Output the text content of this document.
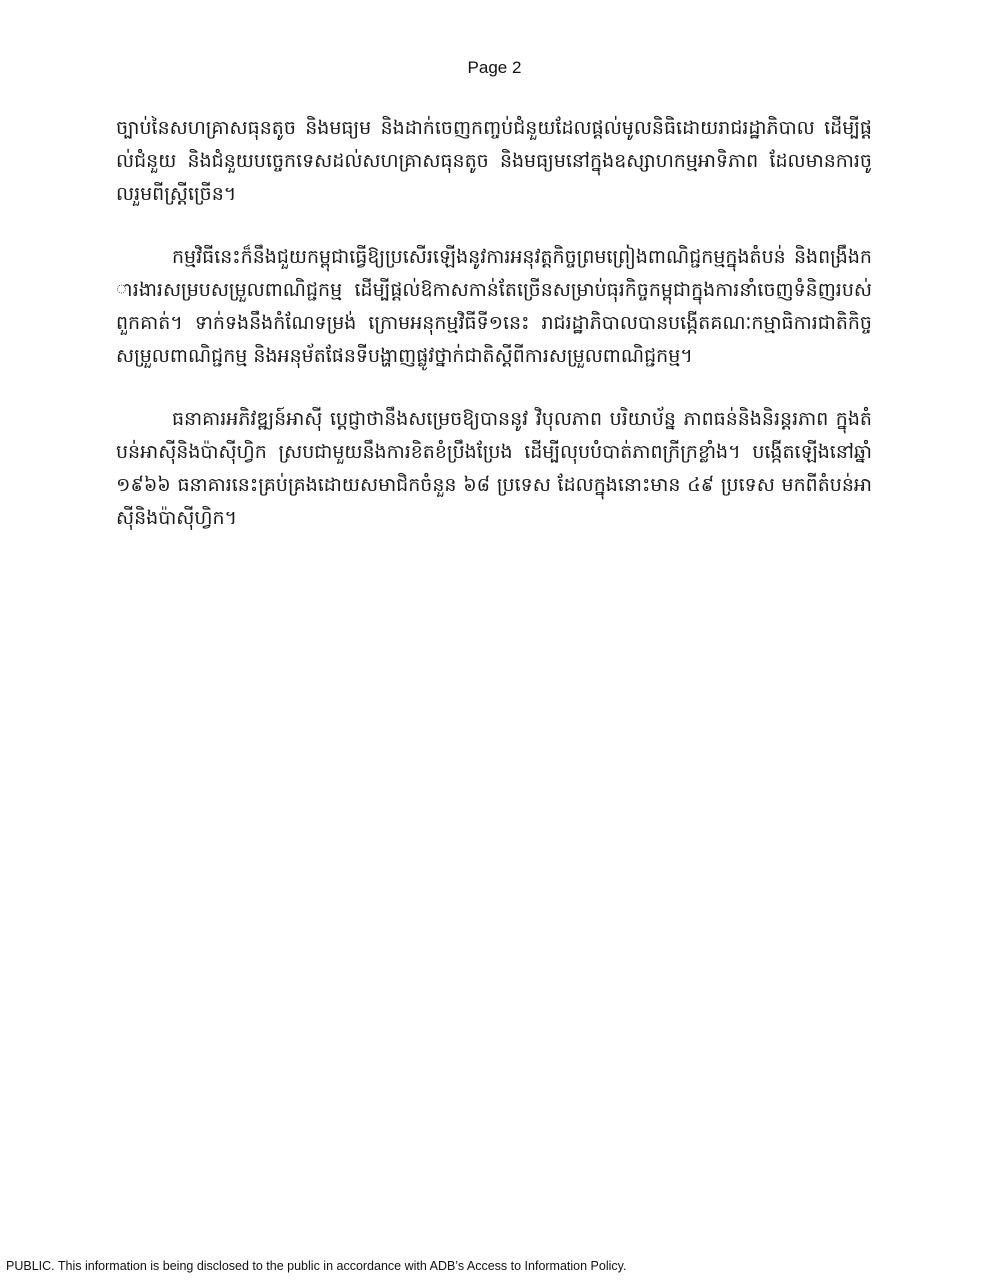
Page 2

ច្បាប់នៃសហគ្រាសធុនតូច និងមធ្យម និងដាក់ចេញកញ្ចប់ជំនួយដែលផ្ដល់មូលនិធិដោយរាជរដ្ឋាភិបាល ដើម្បីផ្ដល់ជំនួយ និងជំនួយបច្ចេកទេសដល់សហគ្រាសធុនតូច និងមធ្យមនៅក្នុងឧស្សាហកម្មអាទិភាព ដែលមានការចូលរួមពីស្ត្រីច្រើន។

កម្មវិធីនេះក៏នឹងជួយកម្ពុជាធ្វើឱ្យប្រសើរឡើងនូវការអនុវត្តកិច្ចព្រមព្រៀងពាណិជ្ជកម្មក្នុងតំបន់ និងពង្រឹងការងារសម្របសម្រួលពាណិជ្ជកម្ម ដើម្បីផ្ដល់ឱកាសកាន់តែច្រើនសម្រាប់ធុរកិច្ចកម្ពុជាក្នុងការនាំចេញទំនិញរបស់ពួកគាត់។ ទាក់ទងនឹងកំណែទម្រង់ ក្រោមអនុកម្មវិធីទី១នេះ រាជរដ្ឋាភិបាលបានបង្កើតគណៈកម្មាធិការជាតិកិច្ចសម្រួលពាណិជ្ជកម្ម និងអនុម័តផែនទីបង្ហាញផ្លូវថ្នាក់ជាតិស្ដីពីការសម្រួលពាណិជ្ជកម្ម។

ធនាគារអភិវឌ្ឍន៍អាស៊ី ប្ដេជ្ញាថានឹងសម្រេចឱ្យបាននូវ វិបុលភាព បរិយាប័ន្ន ភាពធន់និងនិរន្តរភាព ក្នុងតំបន់អាស៊ីនិងប៉ាស៊ីហ្វិក ស្របជាមួយនឹងការខិតខំប្រឹងប្រែង ដើម្បីលុបបំបាត់ភាពក្រីក្រខ្លាំង។ បង្កើតឡើងនៅឆ្នាំ ១៩៦៦ ធនាគារនេះគ្រប់គ្រងដោយសមាជិកចំនួន ៦៨ ប្រទេស ដែលក្នុងនោះមាន ៤៩ ប្រទេស មកពីតំបន់អាស៊ីនិងប៉ាស៊ីហ្វិក។

PUBLIC. This information is being disclosed to the public in accordance with ADB’s Access to Information Policy.
